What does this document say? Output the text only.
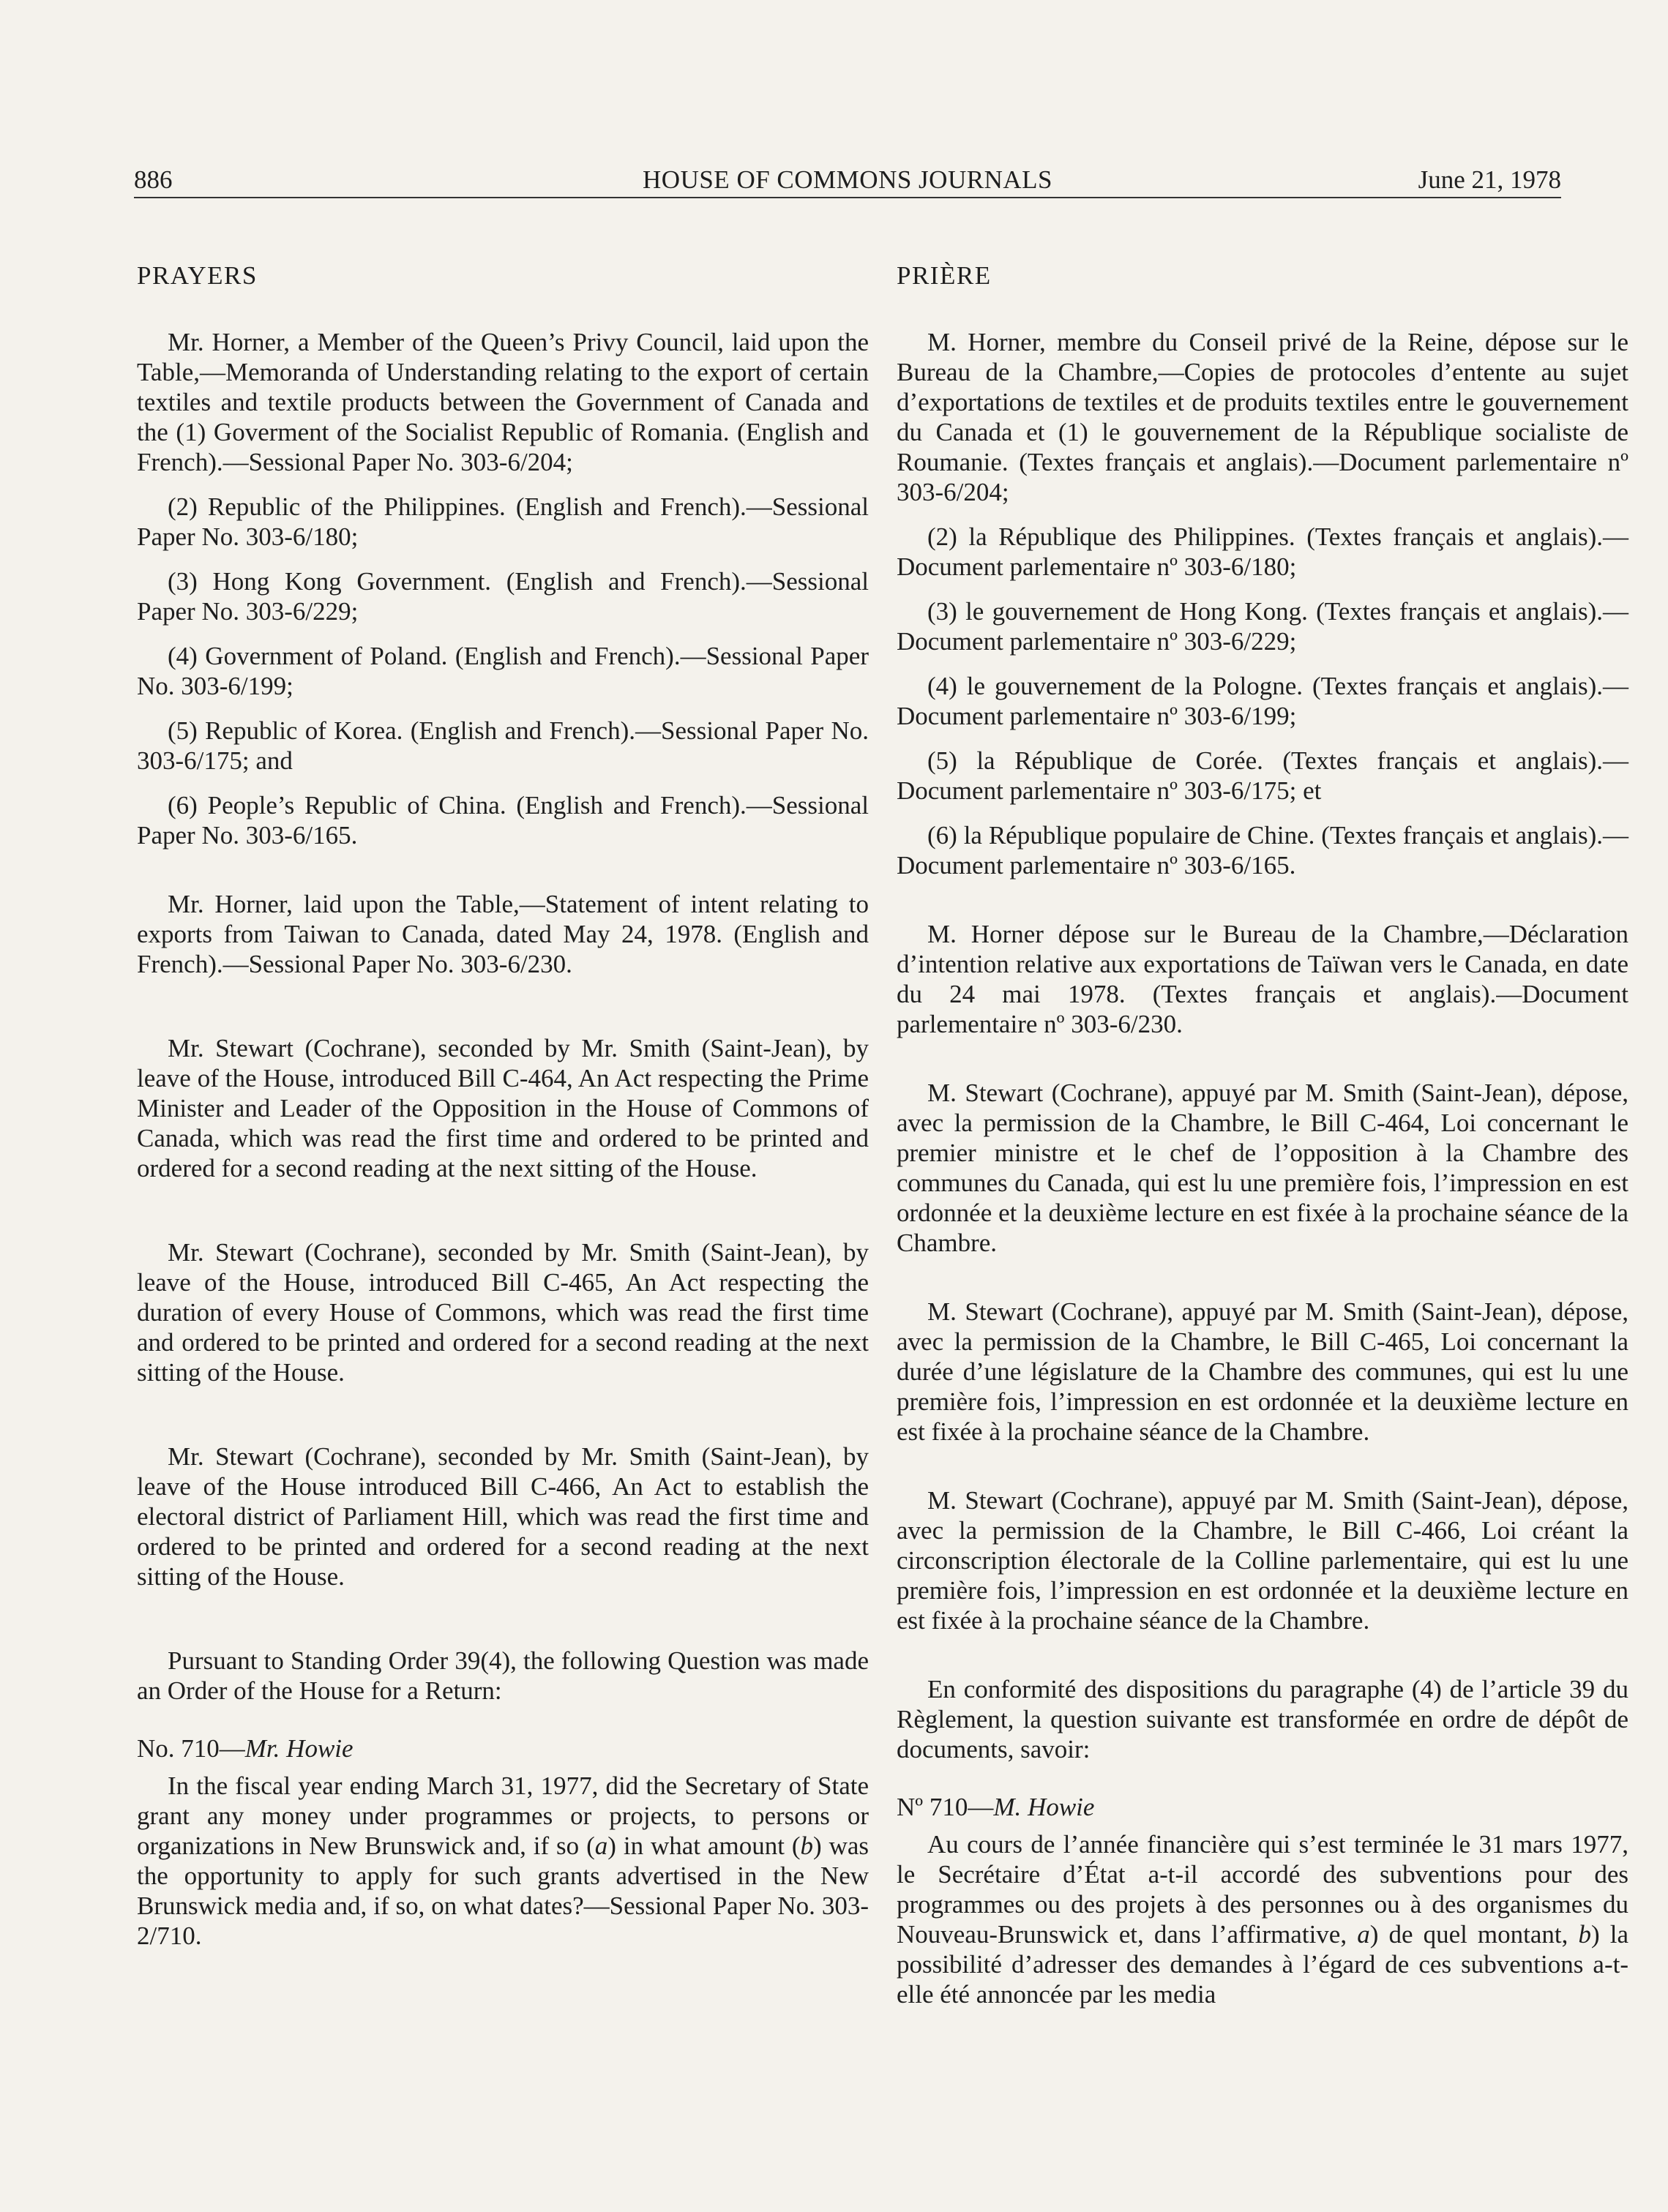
886	HOUSE OF COMMONS JOURNALS	June 21, 1978

PRAYERS

Mr. Horner, a Member of the Queen’s Privy Council, laid upon the Table,—Memoranda of Understanding relating to the export of certain textiles and textile products between the Government of Canada and the (1) Goverment of the Socialist Republic of Romania. (English and French).—Sessional Paper No. 303-6/204;

(2) Republic of the Philippines. (English and French).—Sessional Paper No. 303-6/180;

(3) Hong Kong Government. (English and French).—Sessional Paper No. 303-6/229;

(4) Government of Poland. (English and French).—Sessional Paper No. 303-6/199;

(5) Republic of Korea. (English and French).—Sessional Paper No. 303-6/175; and

(6) People’s Republic of China. (English and French).—Sessional Paper No. 303-6/165.

Mr. Horner, laid upon the Table,—Statement of intent relating to exports from Taiwan to Canada, dated May 24, 1978. (English and French).—Sessional Paper No. 303-6/230.

Mr. Stewart (Cochrane), seconded by Mr. Smith (Saint-Jean), by leave of the House, introduced Bill C-464, An Act respecting the Prime Minister and Leader of the Opposition in the House of Commons of Canada, which was read the first time and ordered to be printed and ordered for a second reading at the next sitting of the House.

Mr. Stewart (Cochrane), seconded by Mr. Smith (Saint-Jean), by leave of the House, introduced Bill C-465, An Act respecting the duration of every House of Commons, which was read the first time and ordered to be printed and ordered for a second reading at the next sitting of the House.

Mr. Stewart (Cochrane), seconded by Mr. Smith (Saint-Jean), by leave of the House introduced Bill C-466, An Act to establish the electoral district of Parliament Hill, which was read the first time and ordered to be printed and ordered for a second reading at the next sitting of the House.

Pursuant to Standing Order 39(4), the following Question was made an Order of the House for a Return:

No. 710—Mr. Howie

In the fiscal year ending March 31, 1977, did the Secretary of State grant any money under programmes or projects, to persons or organizations in New Brunswick and, if so (a) in what amount (b) was the opportunity to apply for such grants advertised in the New Brunswick media and, if so, on what dates?—Sessional Paper No. 303-2/710.

PRIÈRE

M. Horner, membre du Conseil privé de la Reine, dépose sur le Bureau de la Chambre,—Copies de protocoles d’entente au sujet d’exportations de textiles et de produits textiles entre le gouvernement du Canada et (1) le gouvernement de la République socialiste de Roumanie. (Textes français et anglais).—Document parlementaire nº 303-6/204;

(2) la République des Philippines. (Textes français et anglais).—Document parlementaire nº 303-6/180;

(3) le gouvernement de Hong Kong. (Textes français et anglais).—Document parlementaire nº 303-6/229;

(4) le gouvernement de la Pologne. (Textes français et anglais).—Document parlementaire nº 303-6/199;

(5) la République de Corée. (Textes français et anglais).—Document parlementaire nº 303-6/175; et

(6) la République populaire de Chine. (Textes français et anglais).—Document parlementaire nº 303-6/165.

M. Horner dépose sur le Bureau de la Chambre,—Déclaration d’intention relative aux exportations de Taïwan vers le Canada, en date du 24 mai 1978. (Textes français et anglais).—Document parlementaire nº 303-6/230.

M. Stewart (Cochrane), appuyé par M. Smith (Saint-Jean), dépose, avec la permission de la Chambre, le Bill C-464, Loi concernant le premier ministre et le chef de l’opposition à la Chambre des communes du Canada, qui est lu une première fois, l’impression en est ordonnée et la deuxième lecture en est fixée à la prochaine séance de la Chambre.

M. Stewart (Cochrane), appuyé par M. Smith (Saint-Jean), dépose, avec la permission de la Chambre, le Bill C-465, Loi concernant la durée d’une législature de la Chambre des communes, qui est lu une première fois, l’impression en est ordonnée et la deuxième lecture en est fixée à la prochaine séance de la Chambre.

M. Stewart (Cochrane), appuyé par M. Smith (Saint-Jean), dépose, avec la permission de la Chambre, le Bill C-466, Loi créant la circonscription électorale de la Colline parlementaire, qui est lu une première fois, l’impression en est ordonnée et la deuxième lecture en est fixée à la prochaine séance de la Chambre.

En conformité des dispositions du paragraphe (4) de l’article 39 du Règlement, la question suivante est transformée en ordre de dépôt de documents, savoir:

Nº 710—M. Howie

Au cours de l’année financière qui s’est terminée le 31 mars 1977, le Secrétaire d’État a-t-il accordé des subventions pour des programmes ou des projets à des personnes ou à des organismes du Nouveau-Brunswick et, dans l’affirmative, a) de quel montant, b) la possibilité d’adresser des demandes à l’égard de ces subventions a-t-elle été annoncée par les media
